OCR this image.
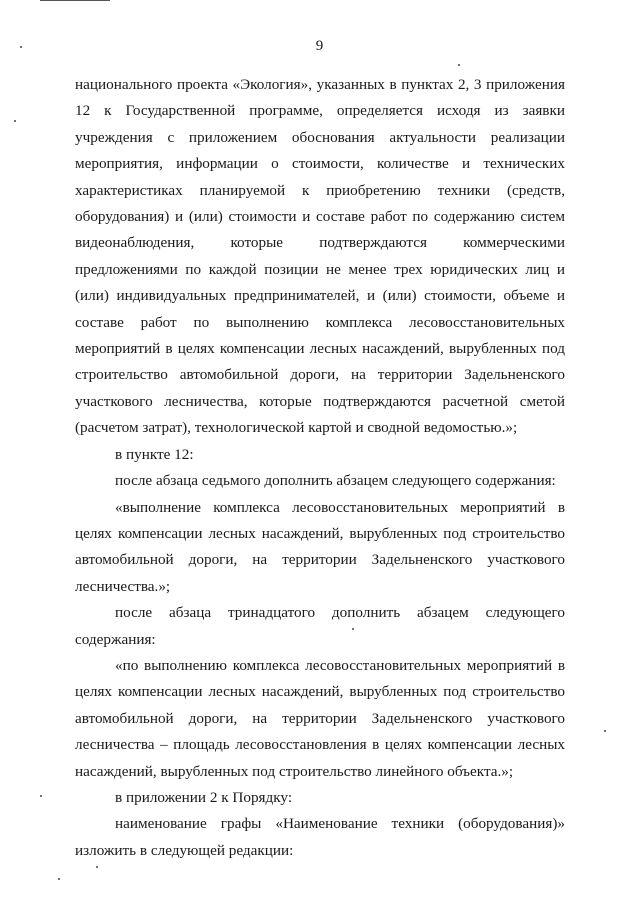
9

национального проекта «Экология», указанных в пунктах 2, 3 приложения 12 к Государственной программе, определяется исходя из заявки учреждения с приложением обоснования актуальности реализации мероприятия, информации о стоимости, количестве и технических характеристиках планируемой к приобретению техники (средств, оборудования) и (или) стоимости и составе работ по содержанию систем видеонаблюдения, которые подтверждаются коммерческими предложениями по каждой позиции не менее трех юридических лиц и (или) индивидуальных предпринимателей, и (или) стоимости, объеме и составе работ по выполнению комплекса лесовосстановительных мероприятий в целях компенсации лесных насаждений, вырубленных под строительство автомобильной дороги, на территории Задельненского участкового лесничества, которые подтверждаются расчетной сметой (расчетом затрат), технологической картой и сводной ведомостью.»;

в пункте 12:

после абзаца седьмого дополнить абзацем следующего содержания:

«выполнение комплекса лесовосстановительных мероприятий в целях компенсации лесных насаждений, вырубленных под строительство автомобильной дороги, на территории Задельненского участкового лесничества.»;

после абзаца тринадцатого дополнить абзацем следующего содержания:

«по выполнению комплекса лесовосстановительных мероприятий в целях компенсации лесных насаждений, вырубленных под строительство автомобильной дороги, на территории Задельненского участкового лесничества – площадь лесовосстановления в целях компенсации лесных насаждений, вырубленных под строительство линейного объекта.»;

в приложении 2 к Порядку:

наименование графы «Наименование техники (оборудования)» изложить в следующей редакции:
